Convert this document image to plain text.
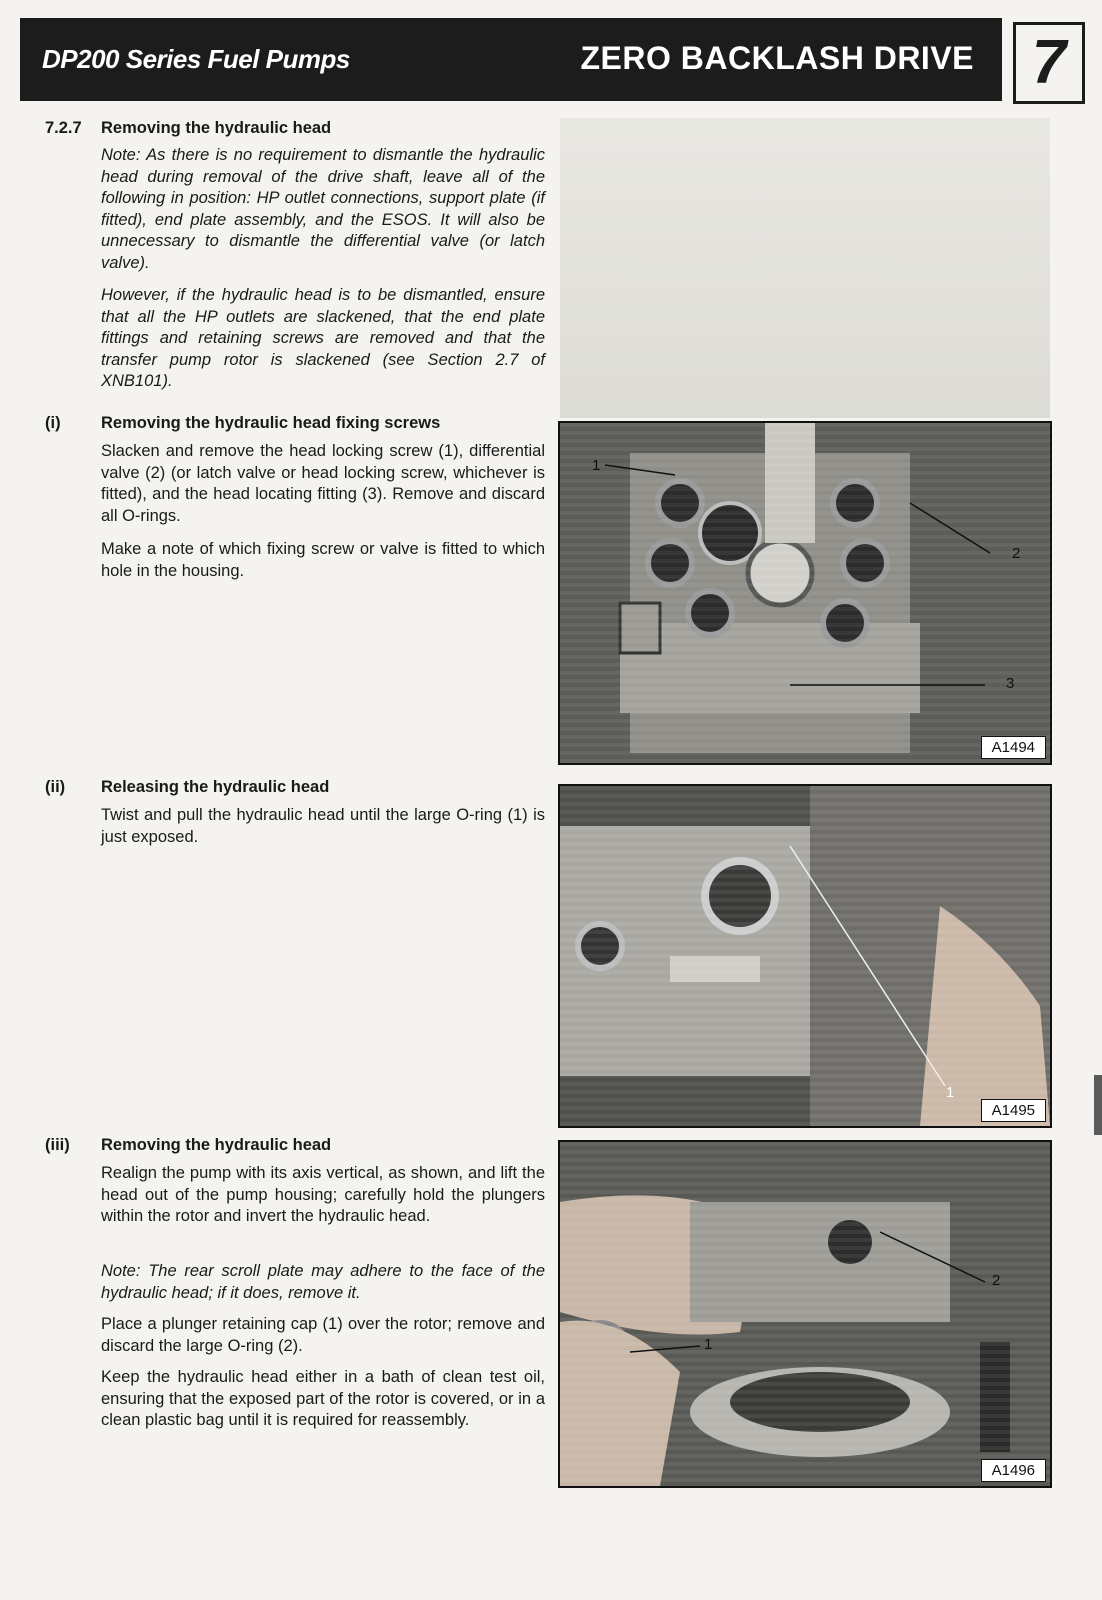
DP200 Series Fuel Pumps	ZERO BACKLASH DRIVE 7
7.2.7 Removing the hydraulic head
Note: As there is no requirement to dismantle the hydraulic head during removal of the drive shaft, leave all of the following in position: HP outlet connections, support plate (if fitted), end plate assembly, and the ESOS. It will also be unnecessary to dismantle the differential valve (or latch valve).
However, if the hydraulic head is to be dismantled, ensure that all the HP outlets are slackened, that the end plate fittings and retaining screws are removed and that the transfer pump rotor is slackened (see Section 2.7 of XNB101).
(i) Removing the hydraulic head fixing screws
Slacken and remove the head locking screw (1), differential valve (2) (or latch valve or head locking screw, whichever is fitted), and the head locating fitting (3). Remove and discard all O-rings.
Make a note of which fixing screw or valve is fitted to which hole in the housing.
(ii) Releasing the hydraulic head
Twist and pull the hydraulic head until the large O-ring (1) is just exposed.
(iii) Removing the hydraulic head
Realign the pump with its axis vertical, as shown, and lift the head out of the pump housing; carefully hold the plungers within the rotor and invert the hydraulic head.
Note: The rear scroll plate may adhere to the face of the hydraulic head; if it does, remove it.
Place a plunger retaining cap (1) over the rotor; remove and discard the large O-ring (2).
Keep the hydraulic head either in a bath of clean test oil, ensuring that the exposed part of the rotor is covered, or in a clean plastic bag until it is required for reassembly.
1
2
3
A1494
1
A1495
2
1
A1496
